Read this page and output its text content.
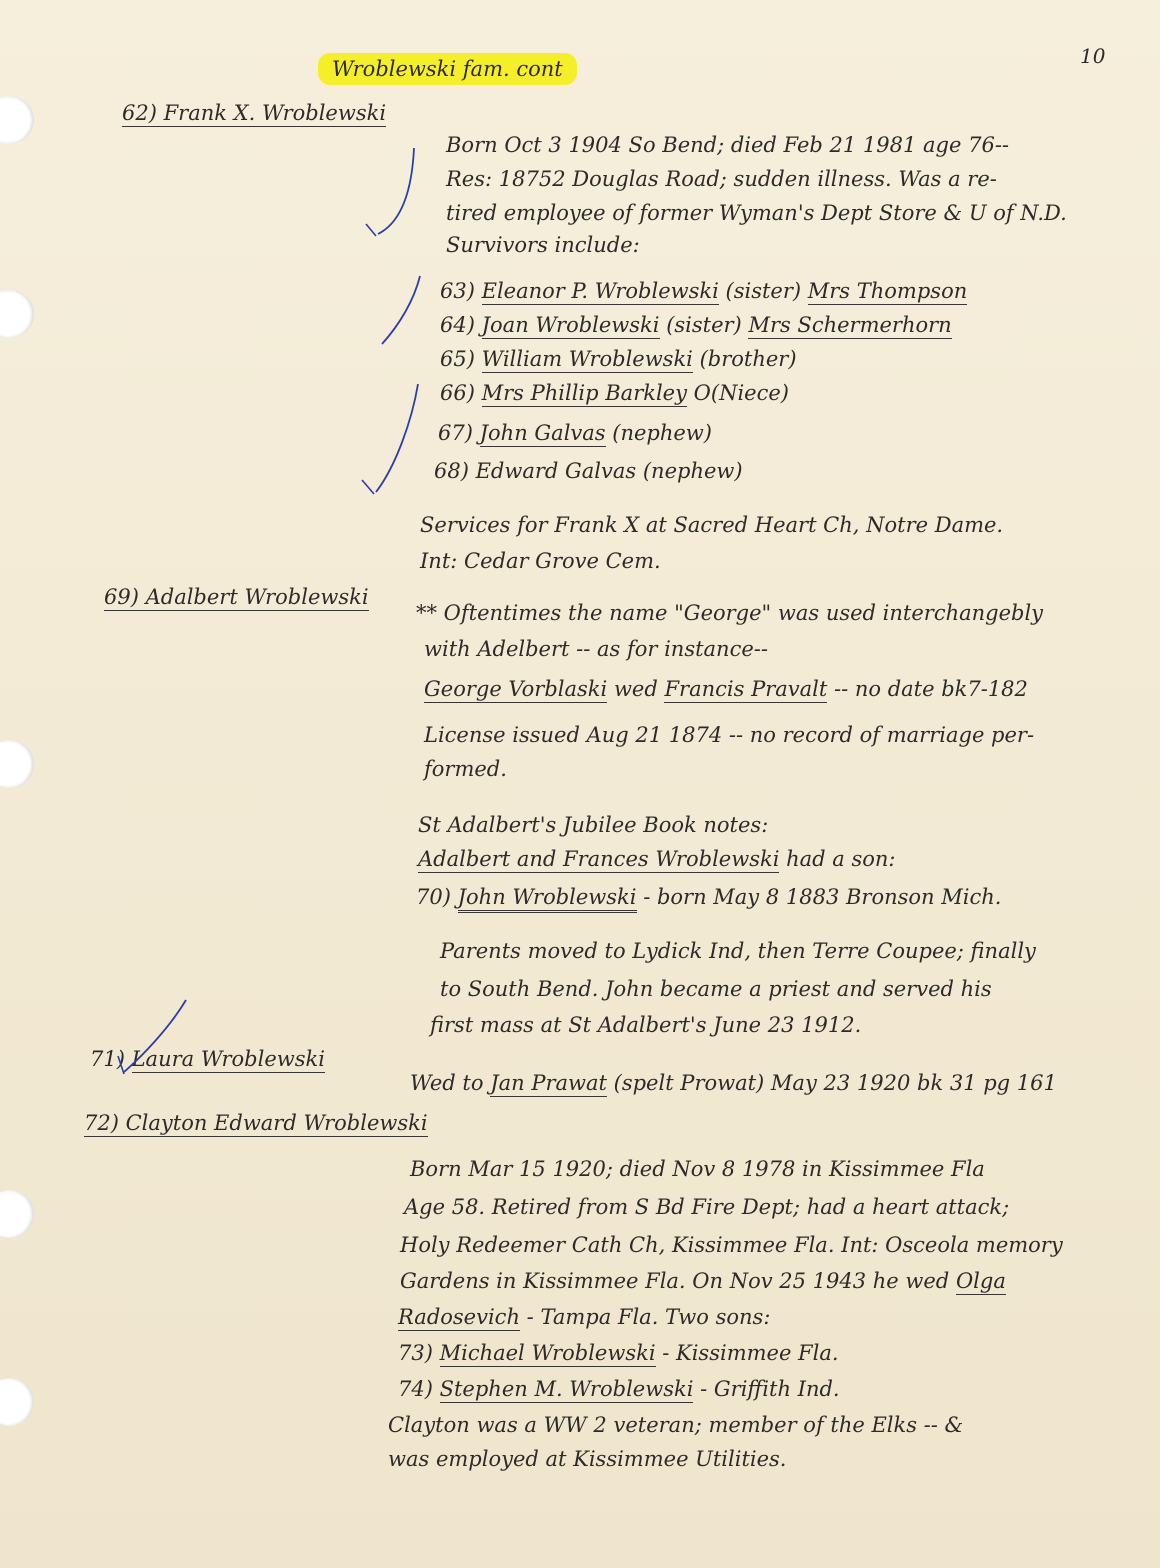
Wroblewski fam. cont
10
62) Frank X. Wroblewski
Born Oct 3 1904 So Bend; died Feb 21 1981 age 76--
Res: 18752 Douglas Road; sudden illness. Was a re-
tired employee of former Wyman's Dept Store & U of N.D.
Survivors include:
63) Eleanor P. Wroblewski (sister) Mrs Thompson
64) Joan Wroblewski (sister) Mrs Schermerhorn
65) William Wroblewski (brother)
66) Mrs Phillip Barkley O(Niece)
67) John Galvas (nephew)
68) Edward Galvas (nephew)
Services for Frank X at Sacred Heart Ch, Notre Dame.
Int: Cedar Grove Cem.
69) Adalbert Wroblewski
** Oftentimes the name "George" was used interchangebly
with Adelbert -- as for instance--
George Vorblaski wed Francis Pravalt -- no date bk7-182
License issued Aug 21 1874 -- no record of marriage per-
formed.
St Adalbert's Jubilee Book notes:
Adalbert and Frances Wroblewski had a son:
70) John Wroblewski - born May 8 1883 Bronson Mich.
Parents moved to Lydick Ind, then Terre Coupee; finally
to South Bend. John became a priest and served his
first mass at St Adalbert's June 23 1912.
71) Laura Wroblewski
Wed to Jan Prawat (spelt Prowat) May 23 1920 bk 31 pg 161
72) Clayton Edward Wroblewski
Born Mar 15 1920; died Nov 8 1978 in Kissimmee Fla
Age 58. Retired from S Bd Fire Dept; had a heart attack;
Holy Redeemer Cath Ch, Kissimmee Fla. Int: Osceola memory
Gardens in Kissimmee Fla. On Nov 25 1943 he wed Olga
Radosevich - Tampa Fla. Two sons:
73) Michael Wroblewski - Kissimmee Fla.
74) Stephen M. Wroblewski - Griffith Ind.
Clayton was a WW 2 veteran; member of the Elks -- &
was employed at Kissimmee Utilities.
